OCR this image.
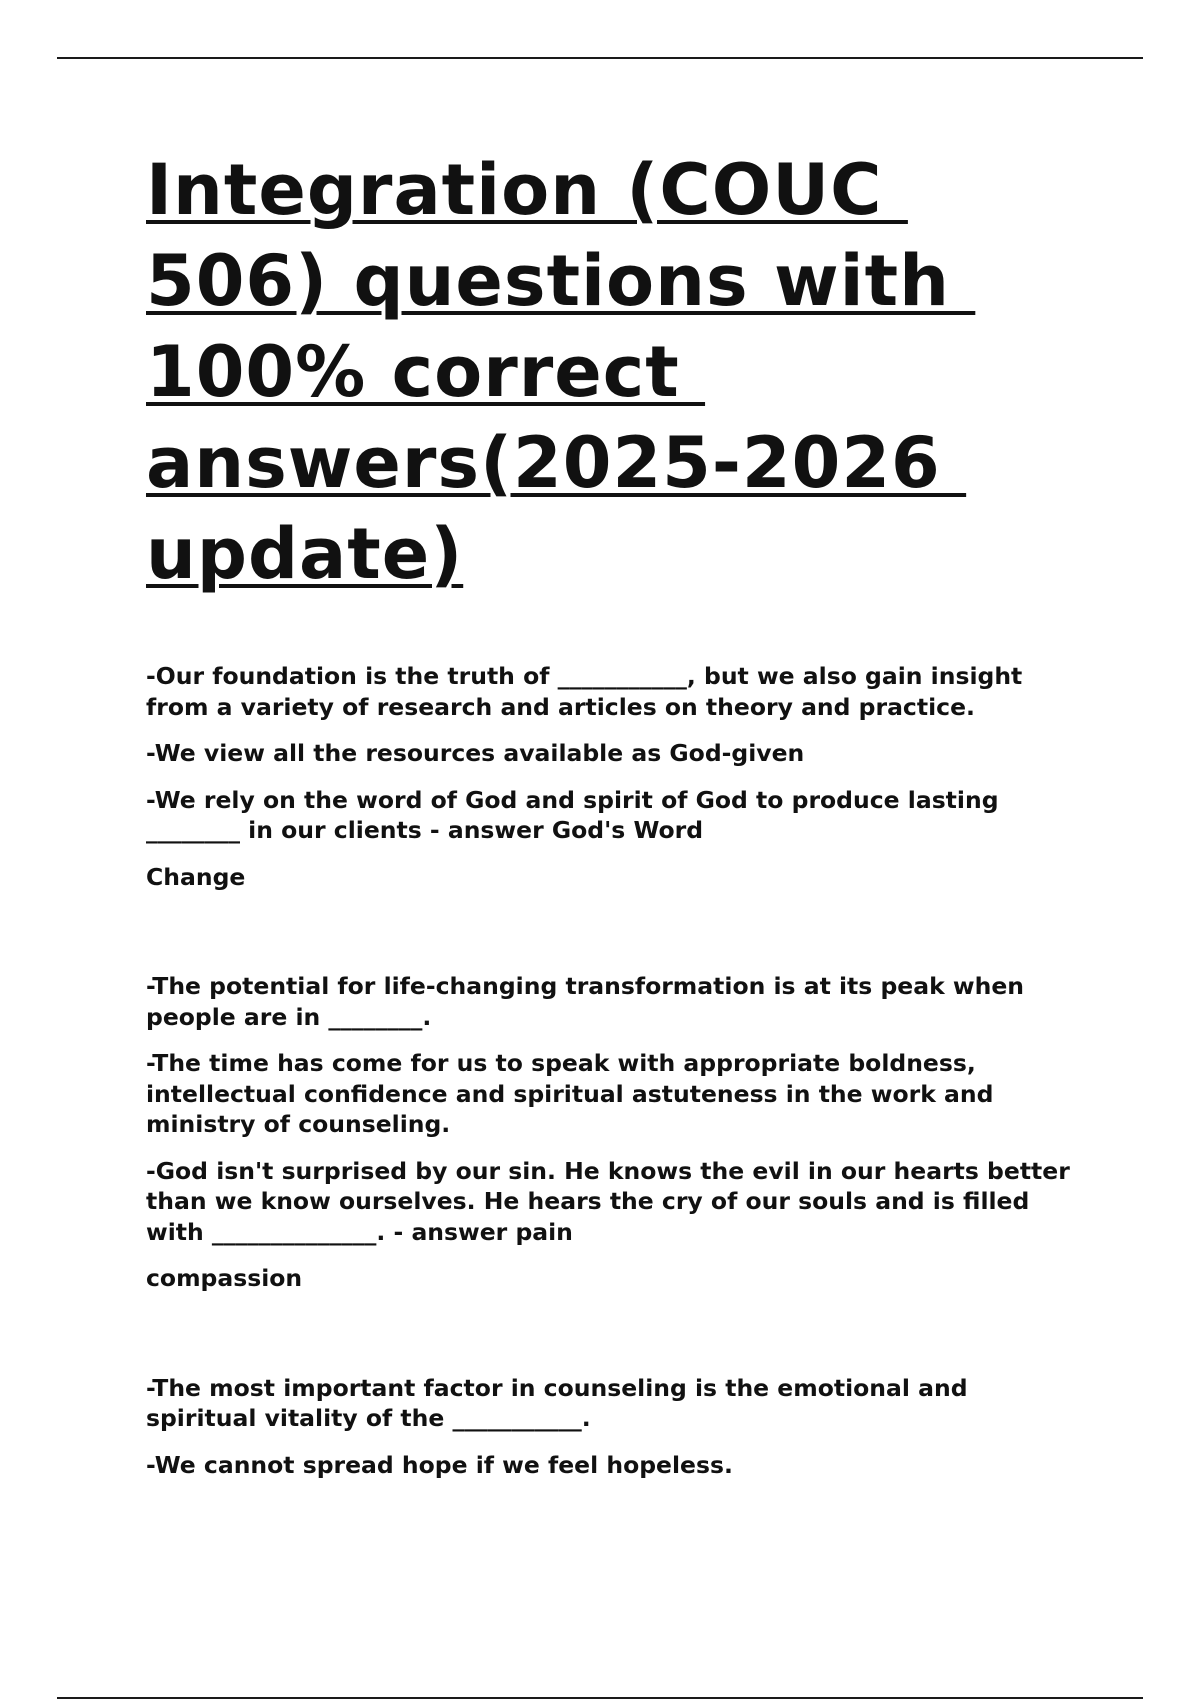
Integration (COUC
506) questions with
100% correct
answers(2025-2026
update)

-Our foundation is the truth of ___________, but we also gain insight from a variety of research and articles on theory and practice.

-We view all the resources available as God-given

-We rely on the word of God and spirit of God to produce lasting ________ in our clients - answer God's Word

Change

-The potential for life-changing transformation is at its peak when people are in ________.

-The time has come for us to speak with appropriate boldness, intellectual confidence and spiritual astuteness in the work and ministry of counseling.

-God isn't surprised by our sin. He knows the evil in our hearts better than we know ourselves. He hears the cry of our souls and is filled with ______________. - answer pain

compassion

-The most important factor in counseling is the emotional and spiritual vitality of the ___________.

-We cannot spread hope if we feel hopeless.
